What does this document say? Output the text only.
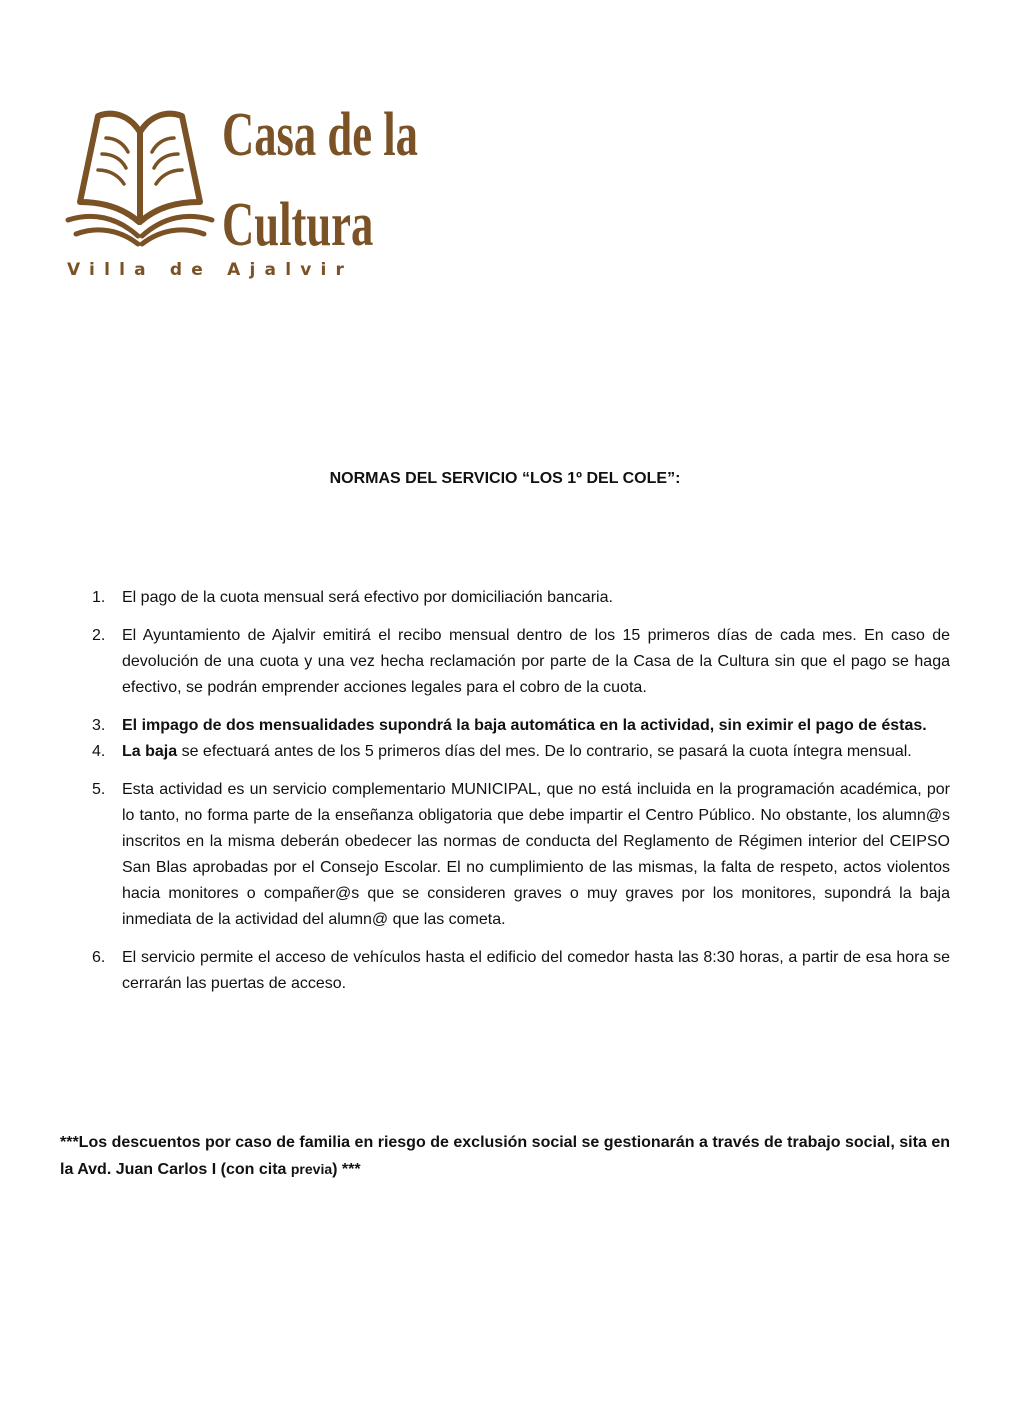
Casa de la
Cultura
Villa de Ajalvir
NORMAS DEL SERVICIO “LOS 1º DEL COLE”:
1. El pago de la cuota mensual será efectivo por domiciliación bancaria.
2. El Ayuntamiento de Ajalvir emitirá el recibo mensual dentro de los 15 primeros días de cada mes. En caso de devolución de una cuota y una vez hecha reclamación por parte de la Casa de la Cultura sin que el pago se haga efectivo, se podrán emprender acciones legales para el cobro de la cuota.
3. El impago de dos mensualidades supondrá la baja automática en la actividad, sin eximir el pago de éstas.
4. La baja se efectuará antes de los 5 primeros días del mes. De lo contrario, se pasará la cuota íntegra mensual.
5. Esta actividad es un servicio complementario MUNICIPAL, que no está incluida en la programación académica, por lo tanto, no forma parte de la enseñanza obligatoria que debe impartir el Centro Público. No obstante, los alumn@s inscritos en la misma deberán obedecer las normas de conducta del Reglamento de Régimen interior del CEIPSO San Blas aprobadas por el Consejo Escolar. El no cumplimiento de las mismas, la falta de respeto, actos violentos hacia monitores o compañer@s que se consideren graves o muy graves por los monitores, supondrá la baja inmediata de la actividad del alumn@ que las cometa.
6. El servicio permite el acceso de vehículos hasta el edificio del comedor hasta las 8:30 horas, a partir de esa hora se cerrarán las puertas de acceso.
***Los descuentos por caso de familia en riesgo de exclusión social se gestionarán a través de trabajo social, sita en la Avd. Juan Carlos I (con cita previa) ***
